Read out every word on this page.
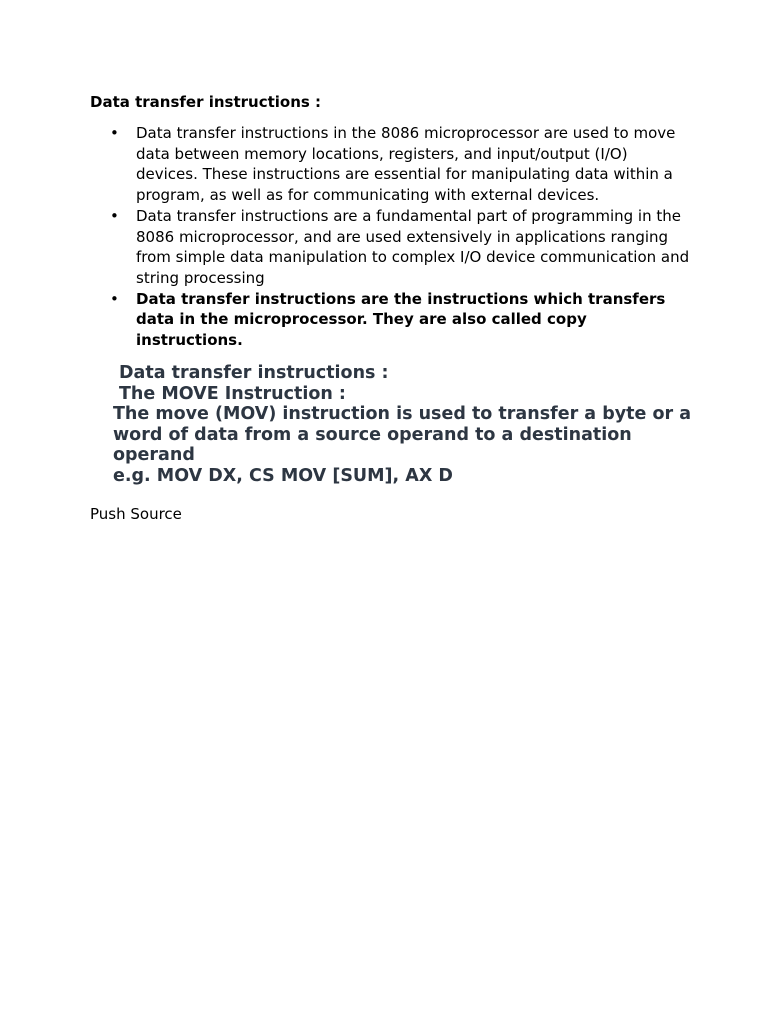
Data transfer instructions :

• Data transfer instructions in the 8086 microprocessor are used to move data between memory locations, registers, and input/output (I/O) devices. These instructions are essential for manipulating data within a program, as well as for communicating with external devices.
• Data transfer instructions are a fundamental part of programming in the 8086 microprocessor, and are used extensively in applications ranging from simple data manipulation to complex I/O device communication and string processing
• Data transfer instructions are the instructions which transfers data in the microprocessor. They are also called copy instructions.

Data transfer instructions :

The MOVE Instruction :

The move (MOV) instruction is used to transfer a byte or a word of data from a source operand to a destination operand

e.g. MOV DX, CS MOV [SUM], AX D

Push Source
